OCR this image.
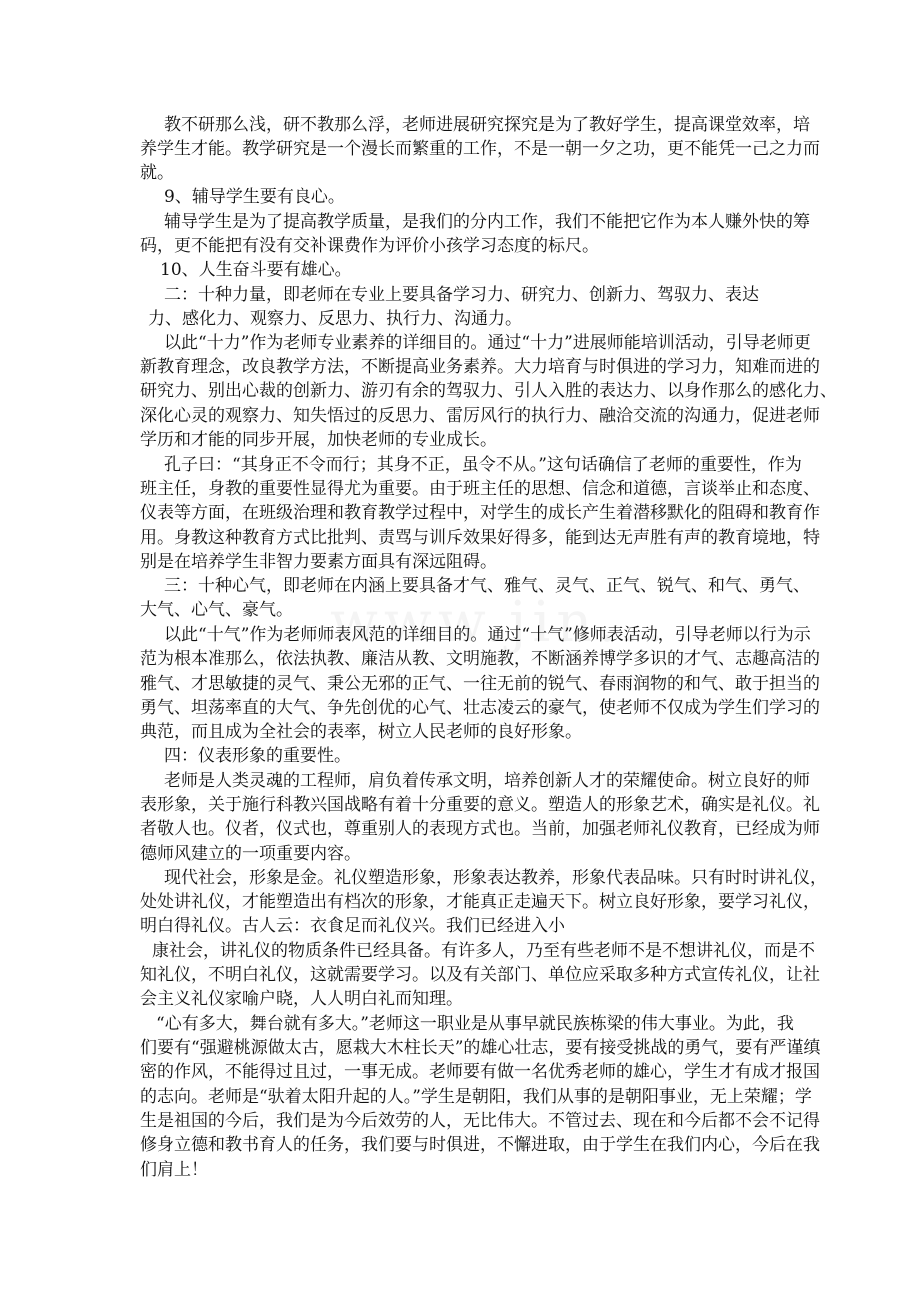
教不研那么浅，研不教那么浮，老师进展研究探究是为了教好学生，提高课堂效率，培
养学生才能。教学研究是一个漫长而繁重的工作，不是一朝一夕之功，更不能凭一己之力而
就。
9、辅导学生要有良心。
辅导学生是为了提高教学质量，是我们的分内工作，我们不能把它作为本人赚外快的筹
码，更不能把有没有交补课费作为评价小孩学习态度的标尺。
10、人生奋斗要有雄心。
二：十种力量，即老师在专业上要具备学习力、研究力、创新力、驾驭力、表达
力、感化力、观察力、反思力、执行力、沟通力。
以此“十力”作为老师专业素养的详细目的。通过“十力”进展师能培训活动，引导老师更
新教育理念，改良教学方法，不断提高业务素养。大力培育与时俱进的学习力，知难而进的
研究力、别出心裁的创新力、游刃有余的驾驭力、引人入胜的表达力、以身作那么的感化力、
深化心灵的观察力、知失悟过的反思力、雷厉风行的执行力、融洽交流的沟通力，促进老师
学历和才能的同步开展，加快老师的专业成长。
孔子曰：“其身正不令而行；其身不正，虽令不从。”这句话确信了老师的重要性，作为
班主任，身教的重要性显得尤为重要。由于班主任的思想、信念和道德，言谈举止和态度、
仪表等方面，在班级治理和教育教学过程中，对学生的成长产生着潜移默化的阻碍和教育作
用。身教这种教育方式比批判、责骂与训斥效果好得多，能到达无声胜有声的教育境地，特
别是在培养学生非智力要素方面具有深远阻碍。
三：十种心气，即老师在内涵上要具备才气、雅气、灵气、正气、锐气、和气、勇气、
大气、心气、豪气。
以此“十气”作为老师师表风范的详细目的。通过“十气”修师表活动，引导老师以行为示
范为根本准那么，依法执教、廉洁从教、文明施教，不断涵养博学多识的才气、志趣高洁的
雅气、才思敏捷的灵气、秉公无邪的正气、一往无前的锐气、春雨润物的和气、敢于担当的
勇气、坦荡率直的大气、争先创优的心气、壮志凌云的豪气，使老师不仅成为学生们学习的
典范，而且成为全社会的表率，树立人民老师的良好形象。
四：仪表形象的重要性。
老师是人类灵魂的工程师，肩负着传承文明，培养创新人才的荣耀使命。树立良好的师
表形象，关于施行科教兴国战略有着十分重要的意义。塑造人的形象艺术，确实是礼仪。礼
者敬人也。仪者，仪式也，尊重别人的表现方式也。当前，加强老师礼仪教育，已经成为师
德师风建立的一项重要内容。
现代社会，形象是金。礼仪塑造形象，形象表达教养，形象代表品味。只有时时讲礼仪，
处处讲礼仪，才能塑造出有档次的形象，才能真正走遍天下。树立良好形象，要学习礼仪，
明白得礼仪。古人云：衣食足而礼仪兴。我们已经进入小
康社会，讲礼仪的物质条件已经具备。有许多人，乃至有些老师不是不想讲礼仪，而是不
知礼仪，不明白礼仪，这就需要学习。以及有关部门、单位应采取多种方式宣传礼仪，让社
会主义礼仪家喻户晓，人人明白礼而知理。
“心有多大，舞台就有多大。”老师这一职业是从事早就民族栋梁的伟大事业。为此，我
们要有“强避桃源做太古，愿栽大木柱长天”的雄心壮志，要有接受挑战的勇气，要有严谨缜
密的作风，不能得过且过，一事无成。老师要有做一名优秀老师的雄心，学生才有成才报国
的志向。老师是“驮着太阳升起的人。”学生是朝阳，我们从事的是朝阳事业，无上荣耀；学
生是祖国的今后，我们是为今后效劳的人，无比伟大。不管过去、现在和今后都不会不记得
修身立德和教书育人的任务，我们要与时俱进，不懈进取，由于学生在我们内心，今后在我
们肩上！
